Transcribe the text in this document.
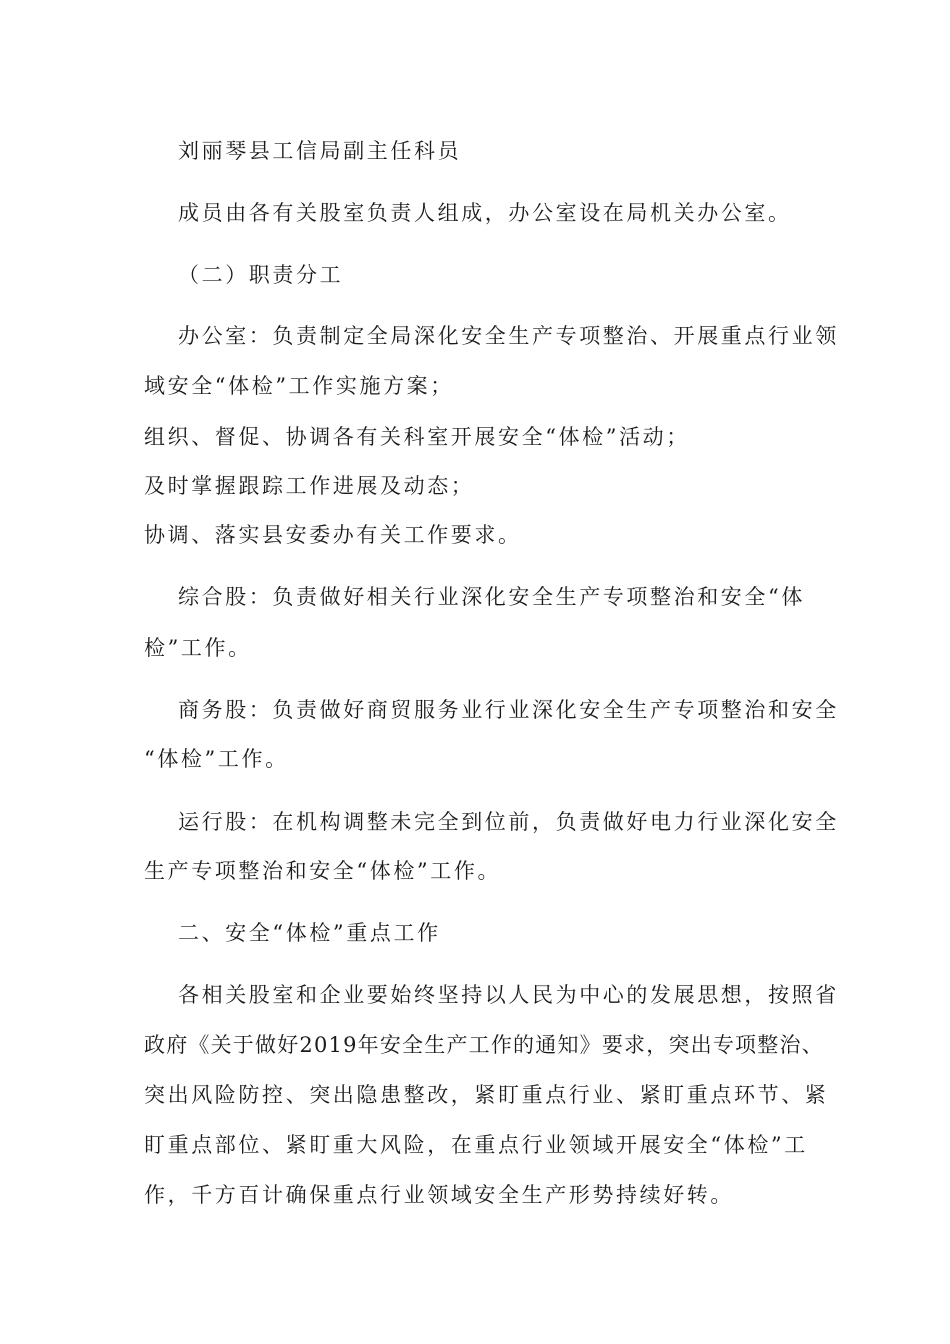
刘丽琴县工信局副主任科员
成员由各有关股室负责人组成，办公室设在局机关办公室。
（二）职责分工
办公室：负责制定全局深化安全生产专项整治、开展重点行业领
域安全“体检”工作实施方案；
组织、督促、协调各有关科室开展安全“体检”活动；
及时掌握跟踪工作进展及动态；
协调、落实县安委办有关工作要求。
综合股：负责做好相关行业深化安全生产专项整治和安全“体
检”工作。
商务股：负责做好商贸服务业行业深化安全生产专项整治和安全
“体检”工作。
运行股：在机构调整未完全到位前，负责做好电力行业深化安全
生产专项整治和安全“体检”工作。
二、安全“体检”重点工作
各相关股室和企业要始终坚持以人民为中心的发展思想，按照省
政府《关于做好2019年安全生产工作的通知》要求，突出专项整治、
突出风险防控、突出隐患整改，紧盯重点行业、紧盯重点环节、紧
盯重点部位、紧盯重大风险，在重点行业领域开展安全“体检”工
作，千方百计确保重点行业领域安全生产形势持续好转。
